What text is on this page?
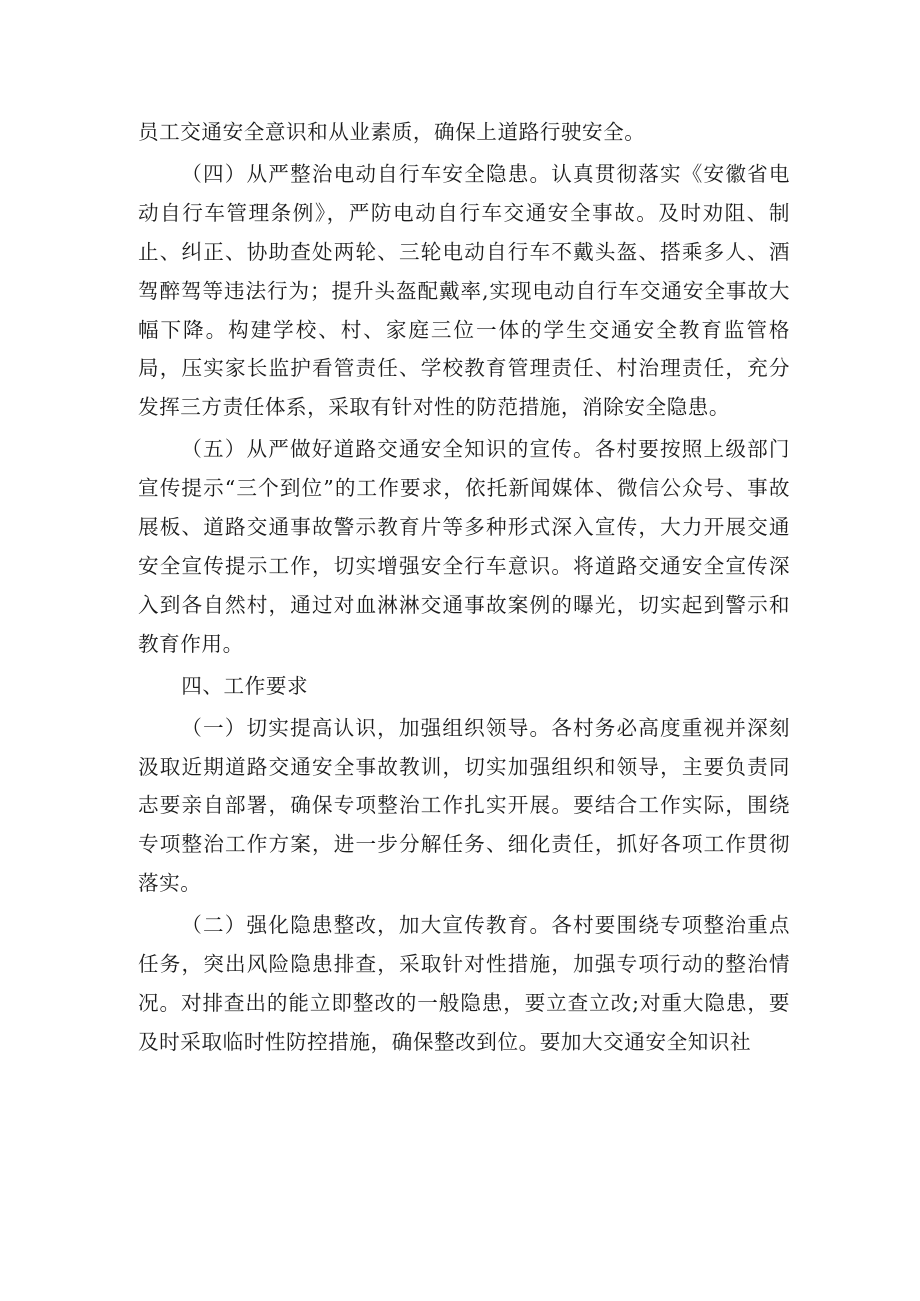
员工交通安全意识和从业素质，确保上道路行驶安全。

（四）从严整治电动自行车安全隐患。认真贯彻落实《安徽省电动自行车管理条例》，严防电动自行车交通安全事故。及时劝阻、制止、纠正、协助查处两轮、三轮电动自行车不戴头盔、搭乘多人、酒驾醉驾等违法行为；提升头盔配戴率,实现电动自行车交通安全事故大幅下降。构建学校、村、家庭三位一体的学生交通安全教育监管格局，压实家长监护看管责任、学校教育管理责任、村治理责任，充分发挥三方责任体系，采取有针对性的防范措施，消除安全隐患。

（五）从严做好道路交通安全知识的宣传。各村要按照上级部门宣传提示“三个到位”的工作要求，依托新闻媒体、微信公众号、事故展板、道路交通事故警示教育片等多种形式深入宣传，大力开展交通安全宣传提示工作，切实增强安全行车意识。将道路交通安全宣传深入到各自然村，通过对血淋淋交通事故案例的曝光，切实起到警示和教育作用。

四、工作要求

（一）切实提高认识，加强组织领导。各村务必高度重视并深刻汲取近期道路交通安全事故教训，切实加强组织和领导，主要负责同志要亲自部署，确保专项整治工作扎实开展。要结合工作实际，围绕专项整治工作方案，进一步分解任务、细化责任，抓好各项工作贯彻落实。

（二）强化隐患整改，加大宣传教育。各村要围绕专项整治重点任务，突出风险隐患排查，采取针对性措施，加强专项行动的整治情况。对排查出的能立即整改的一般隐患，要立查立改;对重大隐患，要及时采取临时性防控措施，确保整改到位。要加大交通安全知识社
